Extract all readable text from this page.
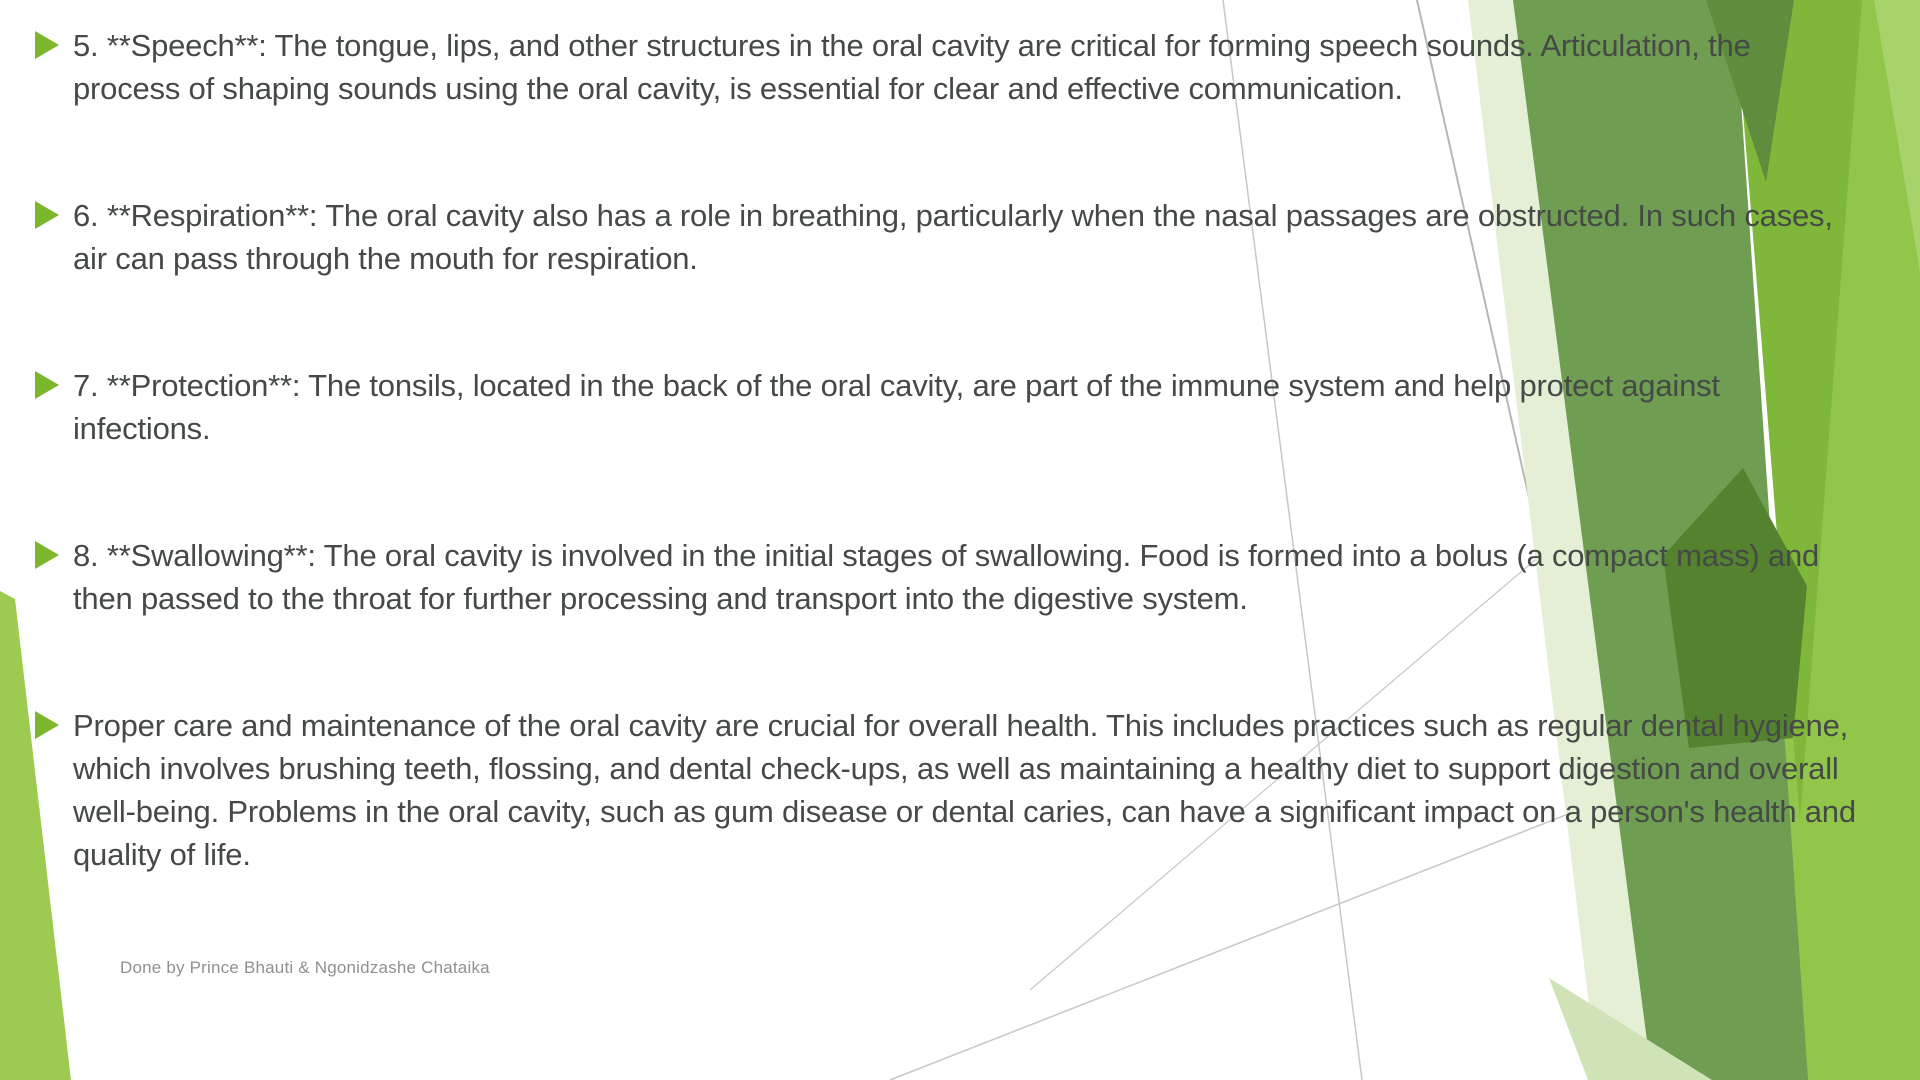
5. **Speech**: The tongue, lips, and other structures in the oral cavity are critical for forming speech sounds. Articulation, the process of shaping sounds using the oral cavity, is essential for clear and effective communication.

6. **Respiration**: The oral cavity also has a role in breathing, particularly when the nasal passages are obstructed. In such cases, air can pass through the mouth for respiration.

7. **Protection**: The tonsils, located in the back of the oral cavity, are part of the immune system and help protect against infections.

8. **Swallowing**: The oral cavity is involved in the initial stages of swallowing. Food is formed into a bolus (a compact mass) and then passed to the throat for further processing and transport into the digestive system.

Proper care and maintenance of the oral cavity are crucial for overall health. This includes practices such as regular dental hygiene, which involves brushing teeth, flossing, and dental check-ups, as well as maintaining a healthy diet to support digestion and overall well-being. Problems in the oral cavity, such as gum disease or dental caries, can have a significant impact on a person's health and quality of life.

Done by Prince Bhauti & Ngonidzashe Chataika
